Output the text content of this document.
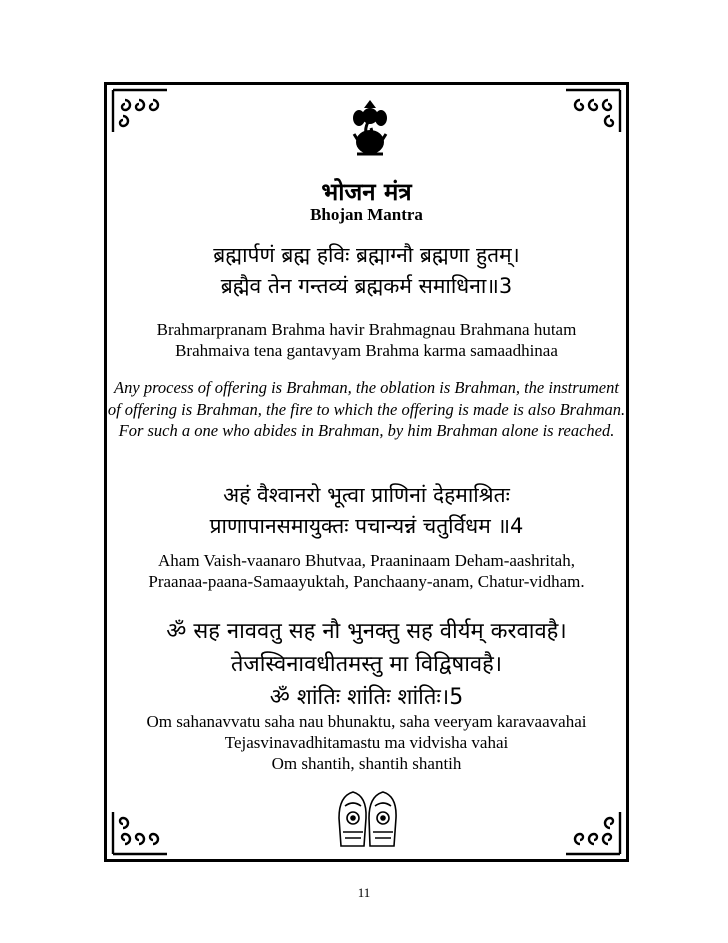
भोजन मंत्र
Bhojan Mantra
ब्रह्मार्पणं ब्रह्म हविः ब्रह्माग्नौ ब्रह्मणा हुतम्।
ब्रह्मैव तेन गन्तव्यं ब्रह्मकर्म समाधिना॥3
Brahmarpranam Brahma havir Brahmagnau Brahmana hutam
Brahmaiva tena gantavyam Brahma karma samaadhinaa
Any process of offering is Brahman, the oblation is Brahman, the instrument of offering is Brahman, the fire to which the offering is made is also Brahman. For such a one who abides in Brahman, by him Brahman alone is reached.
अहं वैश्वानरो भूत्वा प्राणिनां देहमाश्रितः
प्राणापानसमायुक्तः पचान्यन्नं चतुर्विधम ॥4
Aham Vaish-vaanaro Bhutvaa, Praaninaam Deham-aashritah,
Praanaa-paana-Samaayuktah, Panchaany-anam, Chatur-vidham.
ॐ सह नाववतु सह नौ भुनक्तु सह वीर्यम् करवावहै।
तेजस्विनावधीतमस्तु मा विद्विषावहै।
ॐ शांतिः शांतिः शांतिः।5
Om sahanavvatu saha nau bhunaktu, saha veeryam karavaavahai
Tejasvinavadhitamastu ma vidvisha vahai
Om shantih, shantih shantih
11
